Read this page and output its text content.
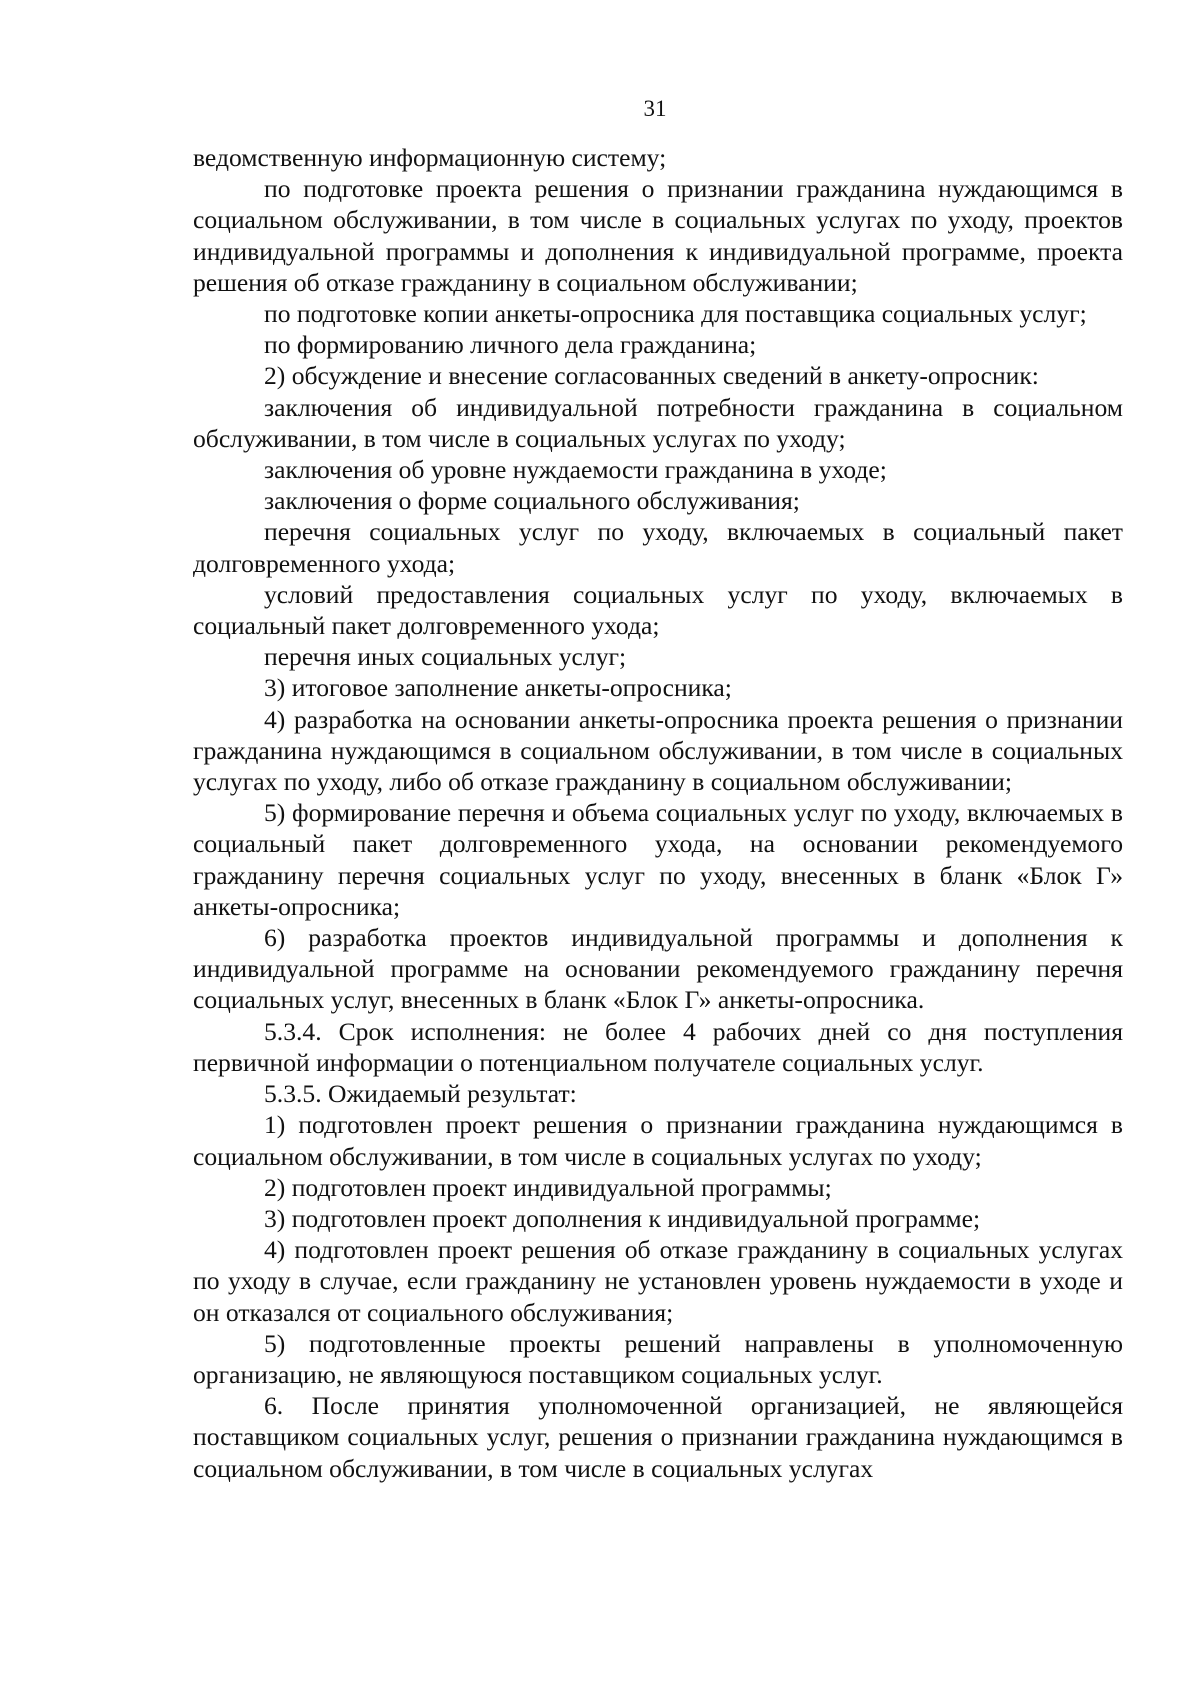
31

ведомственную информационную систему;

по подготовке проекта решения о признании гражданина нуждающимся в социальном обслуживании, в том числе в социальных услугах по уходу, проектов индивидуальной программы и дополнения к индивидуальной программе, проекта решения об отказе гражданину в социальном обслуживании;

по подготовке копии анкеты-опросника для поставщика социальных услуг;

по формированию личного дела гражданина;

2) обсуждение и внесение согласованных сведений в анкету-опросник:

заключения об индивидуальной потребности гражданина в социальном обслуживании, в том числе в социальных услугах по уходу;

заключения об уровне нуждаемости гражданина в уходе;

заключения о форме социального обслуживания;

перечня социальных услуг по уходу, включаемых в социальный пакет долговременного ухода;

условий предоставления социальных услуг по уходу, включаемых в социальный пакет долговременного ухода;

перечня иных социальных услуг;

3) итоговое заполнение анкеты-опросника;

4) разработка на основании анкеты-опросника проекта решения о признании гражданина нуждающимся в социальном обслуживании, в том числе в социальных услугах по уходу, либо об отказе гражданину в социальном обслуживании;

5) формирование перечня и объема социальных услуг по уходу, включаемых в социальный пакет долговременного ухода, на основании рекомендуемого гражданину перечня социальных услуг по уходу, внесенных в бланк «Блок Г» анкеты-опросника;

6) разработка проектов индивидуальной программы и дополнения к индивидуальной программе на основании рекомендуемого гражданину перечня социальных услуг, внесенных в бланк «Блок Г» анкеты-опросника.

5.3.4. Срок исполнения: не более 4 рабочих дней со дня поступления первичной информации о потенциальном получателе социальных услуг.

5.3.5. Ожидаемый результат:

1) подготовлен проект решения о признании гражданина нуждающимся в социальном обслуживании, в том числе в социальных услугах по уходу;

2) подготовлен проект индивидуальной программы;

3) подготовлен проект дополнения к индивидуальной программе;

4) подготовлен проект решения об отказе гражданину в социальных услугах по уходу в случае, если гражданину не установлен уровень нуждаемости в уходе и он отказался от социального обслуживания;

5) подготовленные проекты решений направлены в уполномоченную организацию, не являющуюся поставщиком социальных услуг.

6. После принятия уполномоченной организацией, не являющейся поставщиком социальных услуг, решения о признании гражданина нуждающимся в социальном обслуживании, в том числе в социальных услугах
